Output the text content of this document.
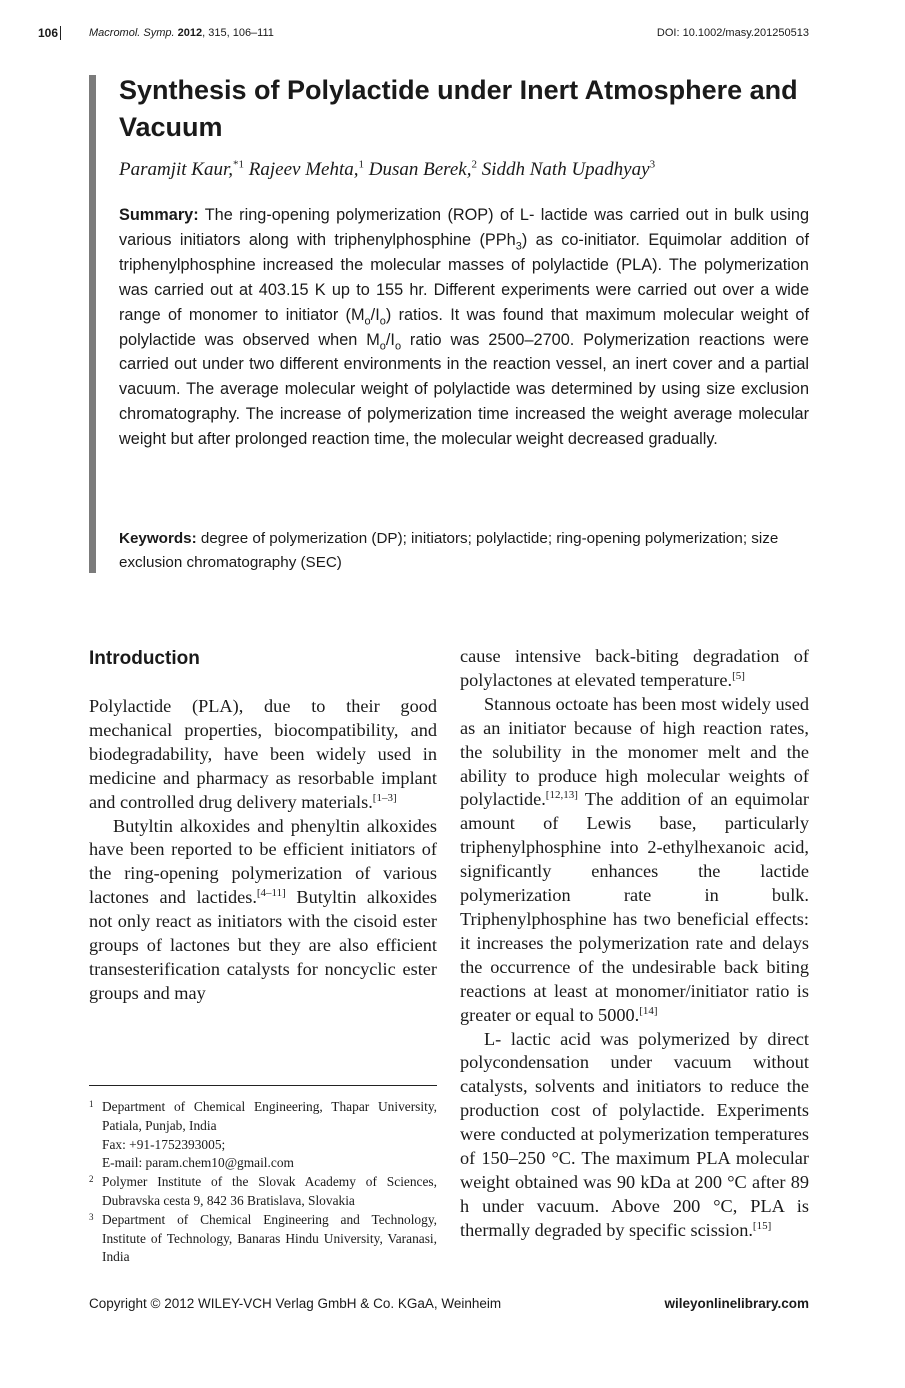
106	Macromol. Symp. 2012, 315, 106–111	DOI: 10.1002/masy.201250513
Synthesis of Polylactide under Inert Atmosphere and Vacuum
Paramjit Kaur,$^{*1}$ Rajeev Mehta,$^1$ Dusan Berek,$^2$ Siddh Nath Upadhyay$^3$

Summary: The ring-opening polymerization (ROP) of L- lactide was carried out in bulk using various initiators along with triphenylphosphine (PPh$_3$) as co-initiator. Equimolar addition of triphenylphosphine increased the molecular masses of polylactide (PLA). The polymerization was carried out at 403.15 K up to 155 hr. Different experiments were carried out over a wide range of monomer to initiator $(M_o/I_o)$ ratios. It was found that maximum molecular weight of polylactide was observed when $M_o/I_o$ ratio was 2500–2700. Polymerization reactions were carried out under two different environments in the reaction vessel, an inert cover and a partial vacuum. The average molecular weight of polylactide was determined by using size exclusion chromatography. The increase of polymerization time increased the weight average molecular weight but after prolonged reaction time, the molecular weight decreased gradually.

Keywords: degree of polymerization (DP); initiators; polylactide; ring-opening polymerization; size exclusion chromatography (SEC)

Introduction

Polylactide (PLA), due to their good mechanical properties, biocompatibility, and biodegradability, have been widely used in medicine and pharmacy as resorbable implant and controlled drug delivery materials.[1–3]

Butyltin alkoxides and phenyltin alkoxides have been reported to be efficient initiators of the ring-opening polymerization of various lactones and lactides.[4–11] Butyltin alkoxides not only react as initiators with the cisoid ester groups of lactones but they are also efficient transesterification catalysts for noncyclic ester groups and may

1 Department of Chemical Engineering, Thapar University, Patiala, Punjab, India
Fax: +91-1752393005;
E-mail: param.chem10@gmail.com

2 Polymer Institute of the Slovak Academy of Sciences, Dubravska cesta 9, 842 36 Bratislava, Slovakia

3 Department of Chemical Engineering and Technology, Institute of Technology, Banaras Hindu University, Varanasi, India

cause intensive back-biting degradation of polylactones at elevated temperature.[5]

Stannous octoate has been most widely used as an initiator because of high reaction rates, the solubility in the monomer melt and the ability to produce high molecular weights of polylactide.[12,13] The addition of an equimolar amount of Lewis base, particularly triphenylphosphine into 2-ethylhexanoic acid, significantly enhances the lactide polymerization rate in bulk. Triphenylphosphine has two beneficial effects: it increases the polymerization rate and delays the occurrence of the undesirable back biting reactions at least at monomer/initiator ratio is greater or equal to 5000.[14]

L- lactic acid was polymerized by direct polycondensation under vacuum without catalysts, solvents and initiators to reduce the production cost of polylactide. Experiments were conducted at polymerization temperatures of 150–250 °C. The maximum PLA molecular weight obtained was 90 kDa at 200 °C after 89 h under vacuum. Above 200 °C, PLA is thermally degraded by specific scission.[15]

Copyright © 2012 WILEY-VCH Verlag GmbH & Co. KGaA, Weinheim	wileyonlinelibrary.com
